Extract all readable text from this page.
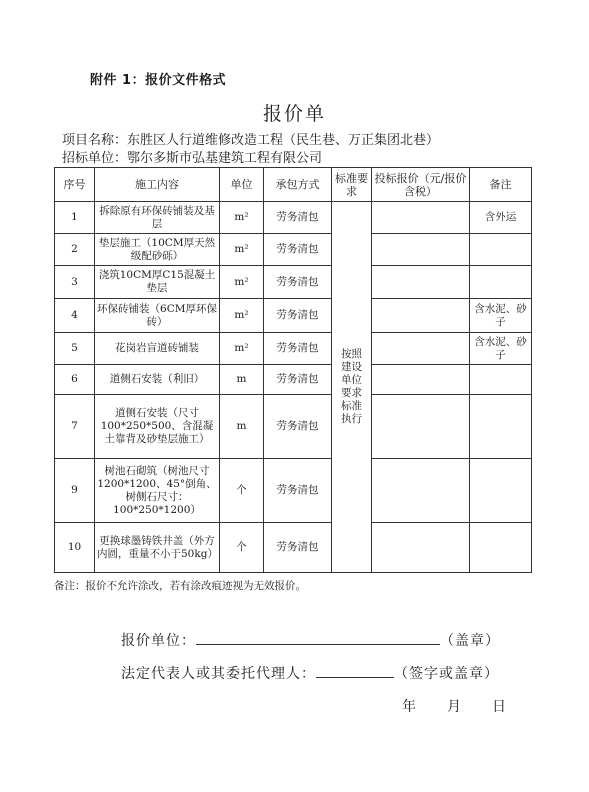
附件 1：报价文件格式
报价单
项目名称：东胜区人行道维修改造工程（民生巷、万正集团北巷）
招标单位：鄂尔多斯市弘基建筑工程有限公司
序号	施工内容	单位	承包方式	标准要求	投标报价（元/报价含税）	备注
1	拆除原有环保砖铺装及基层	m²	劳务清包	按照建设单位要求标准执行		含外运
2	垫层施工（10CM厚天然级配砂砾）	m²	劳务清包			
3	浇筑10CM厚C15混凝土垫层	m²	劳务清包			
4	环保砖铺装（6CM厚环保砖）	m²	劳务清包			含水泥、砂子
5	花岗岩盲道砖铺装	m²	劳务清包			含水泥、砂子
6	道侧石安装（利旧）	m	劳务清包			
7	道侧石安装（尺寸100*250*500、含混凝土靠背及砂垫层施工）	m	劳务清包			
9	树池石砌筑（树池尺寸1200*1200、45°倒角、树侧石尺寸：100*250*1200）	个	劳务清包			
10	更换球墨铸铁井盖（外方内圆，重量不小于50kg）	个	劳务清包			
备注：报价不允许涂改，若有涂改痕迹视为无效报价。
报价单位：	（盖章）
法定代表人或其委托代理人：	（签字或盖章）
年 月 日
